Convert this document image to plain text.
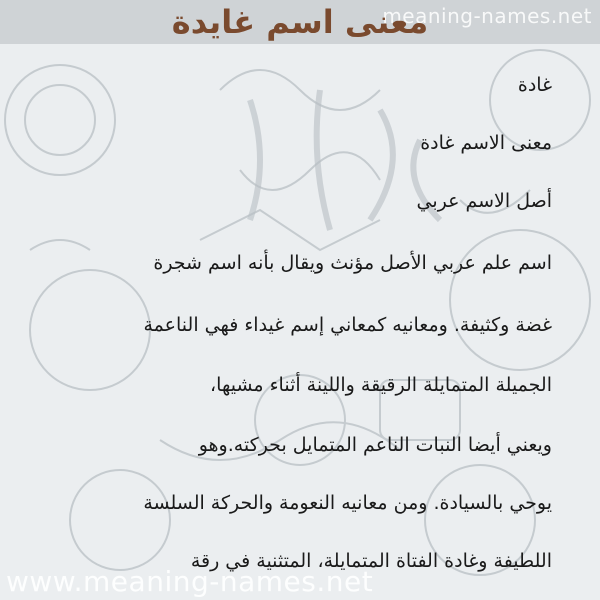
meaning-names.net
معنى اسم غايدة
غادة
معنى الاسم غادة
أصل الاسم عربي
اسم علم عربي الأصل مؤنث ويقال بأنه اسم شجرة
غضة وكثيفة. ومعانيه كمعاني إسم غيداء فهي الناعمة
الجميلة المتمايلة الرقيقة واللينة أثناء مشيها،
ويعني أيضا النبات الناعم المتمايل بحركته.وهو
يوحي بالسيادة. ومن معانيه النعومة والحركة السلسة
اللطيفة وغادة الفتاة المتمايلة، المتثنية في رقة
www.meaning-names.net
